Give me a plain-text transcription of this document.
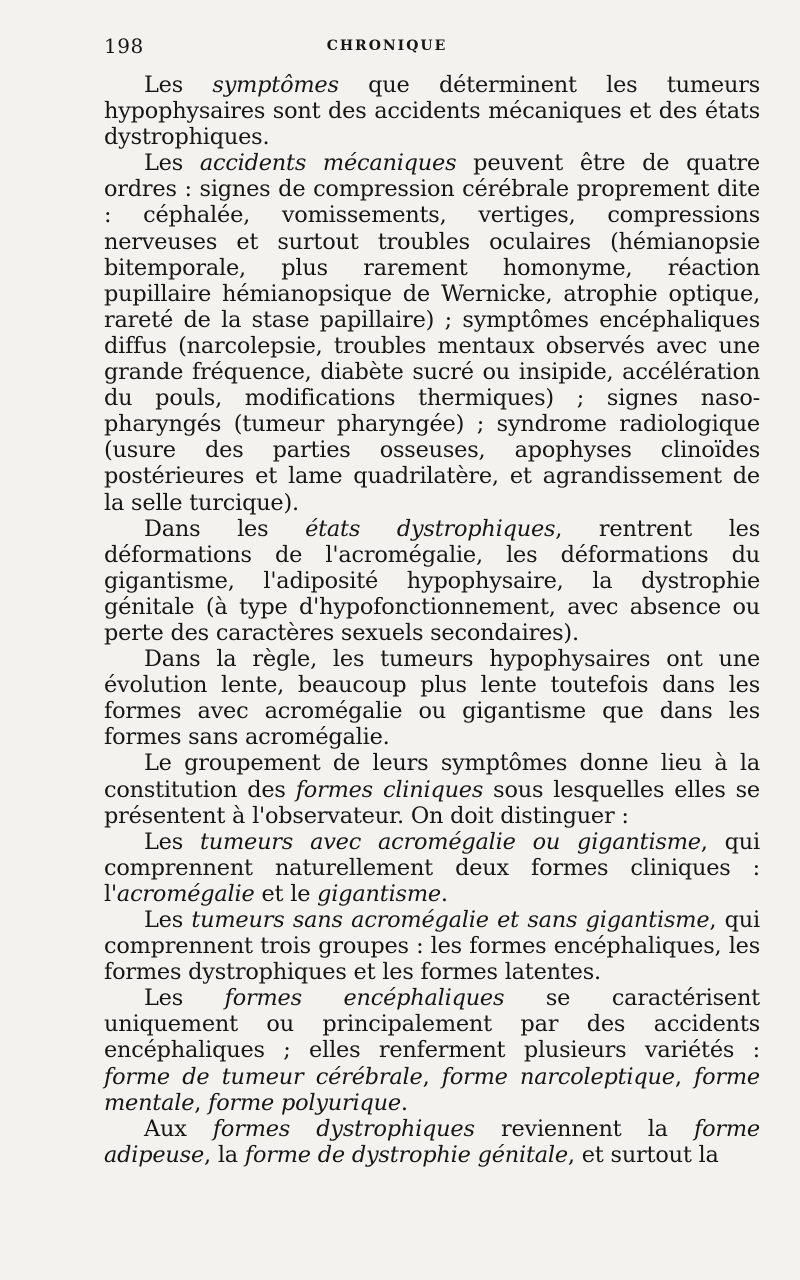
198	CHRONIQUE

Les symptômes que déterminent les tumeurs hypophysaires sont des accidents mécaniques et des états dystrophiques.

Les accidents mécaniques peuvent être de quatre ordres : signes de compression cérébrale proprement dite : céphalée, vomissements, vertiges, compressions nerveuses et surtout troubles oculaires (hémianopsie bitemporale, plus rarement homonyme, réaction pupillaire hémianopsique de Wernicke, atrophie optique, rareté de la stase papillaire) ; symptômes encéphaliques diffus (narcolepsie, troubles mentaux observés avec une grande fréquence, diabète sucré ou insipide, accélération du pouls, modifications thermiques) ; signes naso-pharyngés (tumeur pharyngée) ; syndrome radiologique (usure des parties osseuses, apophyses clinoïdes postérieures et lame quadrilatère, et agrandissement de la selle turcique).

Dans les états dystrophiques, rentrent les déformations de l'acromégalie, les déformations du gigantisme, l'adiposité hypophysaire, la dystrophie génitale (à type d'hypofonctionnement, avec absence ou perte des caractères sexuels secondaires).

Dans la règle, les tumeurs hypophysaires ont une évolution lente, beaucoup plus lente toutefois dans les formes avec acromégalie ou gigantisme que dans les formes sans acromégalie.

Le groupement de leurs symptômes donne lieu à la constitution des formes cliniques sous lesquelles elles se présentent à l'observateur. On doit distinguer :

Les tumeurs avec acromégalie ou gigantisme, qui comprennent naturellement deux formes cliniques : l'acromégalie et le gigantisme.

Les tumeurs sans acromégalie et sans gigantisme, qui comprennent trois groupes : les formes encéphaliques, les formes dystrophiques et les formes latentes.

Les formes encéphaliques se caractérisent uniquement ou principalement par des accidents encéphaliques ; elles renferment plusieurs variétés : forme de tumeur cérébrale, forme narcoleptique, forme mentale, forme polyurique.

Aux formes dystrophiques reviennent la forme adipeuse, la forme de dystrophie génitale, et surtout la
